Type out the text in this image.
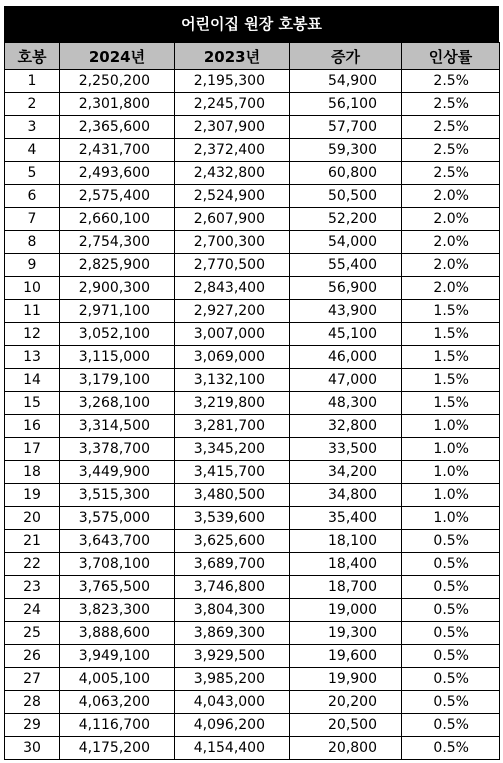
어린이집 원장 호봉표
호봉	2024년	2023년	증가	인상률
1	2,250,200	2,195,300	54,900	2.5%
2	2,301,800	2,245,700	56,100	2.5%
3	2,365,600	2,307,900	57,700	2.5%
4	2,431,700	2,372,400	59,300	2.5%
5	2,493,600	2,432,800	60,800	2.5%
6	2,575,400	2,524,900	50,500	2.0%
7	2,660,100	2,607,900	52,200	2.0%
8	2,754,300	2,700,300	54,000	2.0%
9	2,825,900	2,770,500	55,400	2.0%
10	2,900,300	2,843,400	56,900	2.0%
11	2,971,100	2,927,200	43,900	1.5%
12	3,052,100	3,007,000	45,100	1.5%
13	3,115,000	3,069,000	46,000	1.5%
14	3,179,100	3,132,100	47,000	1.5%
15	3,268,100	3,219,800	48,300	1.5%
16	3,314,500	3,281,700	32,800	1.0%
17	3,378,700	3,345,200	33,500	1.0%
18	3,449,900	3,415,700	34,200	1.0%
19	3,515,300	3,480,500	34,800	1.0%
20	3,575,000	3,539,600	35,400	1.0%
21	3,643,700	3,625,600	18,100	0.5%
22	3,708,100	3,689,700	18,400	0.5%
23	3,765,500	3,746,800	18,700	0.5%
24	3,823,300	3,804,300	19,000	0.5%
25	3,888,600	3,869,300	19,300	0.5%
26	3,949,100	3,929,500	19,600	0.5%
27	4,005,100	3,985,200	19,900	0.5%
28	4,063,200	4,043,000	20,200	0.5%
29	4,116,700	4,096,200	20,500	0.5%
30	4,175,200	4,154,400	20,800	0.5%
